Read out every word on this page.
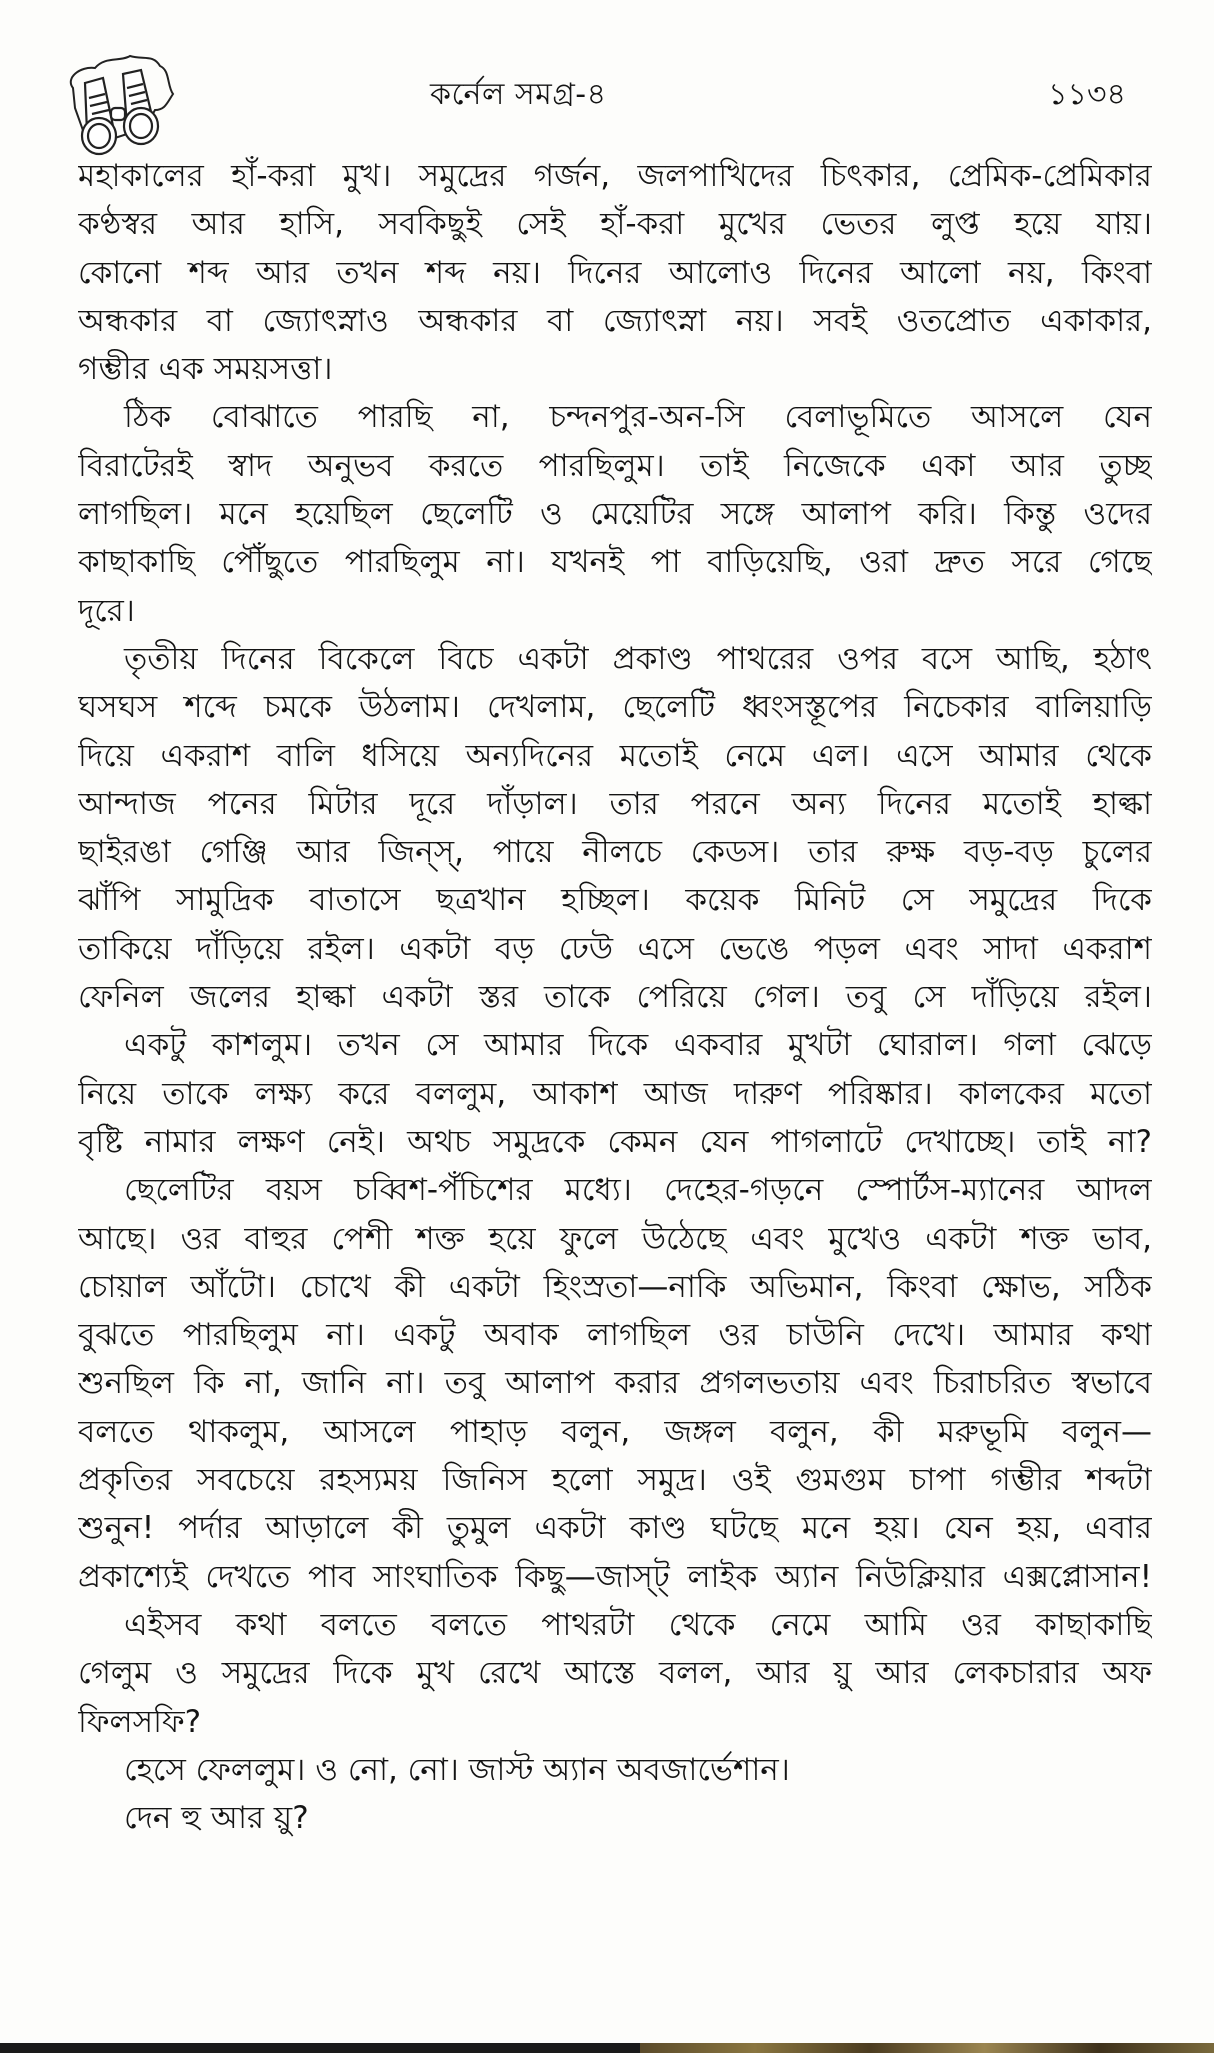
কর্নেল সমগ্র-৪	১১৩৪
মহাকালের হাঁ-করা মুখ। সমুদ্রের গর্জন, জলপাখিদের চিৎকার, প্রেমিক-প্রেমিকার
কণ্ঠস্বর আর হাসি, সবকিছুই সেই হাঁ-করা মুখের ভেতর লুপ্ত হয়ে যায়।
কোনো শব্দ আর তখন শব্দ নয়। দিনের আলোও দিনের আলো নয়, কিংবা
অন্ধকার বা জ্যোৎস্নাও অন্ধকার বা জ্যোৎস্না নয়। সবই ওতপ্রোত একাকার,
গম্ভীর এক সময়সত্তা।
ঠিক বোঝাতে পারছি না, চন্দনপুর-অন-সি বেলাভূমিতে আসলে যেন
বিরাটেরই স্বাদ অনুভব করতে পারছিলুম। তাই নিজেকে একা আর তুচ্ছ
লাগছিল। মনে হয়েছিল ছেলেটি ও মেয়েটির সঙ্গে আলাপ করি। কিন্তু ওদের
কাছাকাছি পৌঁছুতে পারছিলুম না। যখনই পা বাড়িয়েছি, ওরা দ্রুত সরে গেছে
দূরে।
তৃতীয় দিনের বিকেলে বিচে একটা প্রকাণ্ড পাথরের ওপর বসে আছি, হঠাৎ
ঘসঘস শব্দে চমকে উঠলাম। দেখলাম, ছেলেটি ধ্বংসস্তূপের নিচেকার বালিয়াড়ি
দিয়ে একরাশ বালি ধসিয়ে অন্যদিনের মতোই নেমে এল। এসে আমার থেকে
আন্দাজ পনের মিটার দূরে দাঁড়াল। তার পরনে অন্য দিনের মতোই হাল্কা
ছাইরঙা গেঞ্জি আর জিন্স্, পায়ে নীলচে কেডস। তার রুক্ষ বড়-বড় চুলের
ঝাঁপি সামুদ্রিক বাতাসে ছত্রখান হচ্ছিল। কয়েক মিনিট সে সমুদ্রের দিকে
তাকিয়ে দাঁড়িয়ে রইল। একটা বড় ঢেউ এসে ভেঙে পড়ল এবং সাদা একরাশ
ফেনিল জলের হাল্কা একটা স্তর তাকে পেরিয়ে গেল। তবু সে দাঁড়িয়ে রইল।
একটু কাশলুম। তখন সে আমার দিকে একবার মুখটা ঘোরাল। গলা ঝেড়ে
নিয়ে তাকে লক্ষ্য করে বললুম, আকাশ আজ দারুণ পরিষ্কার। কালকের মতো
বৃষ্টি নামার লক্ষণ নেই। অথচ সমুদ্রকে কেমন যেন পাগলাটে দেখাচ্ছে। তাই না?
ছেলেটির বয়স চব্বিশ-পঁচিশের মধ্যে। দেহের-গড়নে স্পোর্টস-ম্যানের আদল
আছে। ওর বাহুর পেশী শক্ত হয়ে ফুলে উঠেছে এবং মুখেও একটা শক্ত ভাব,
চোয়াল আঁটো। চোখে কী একটা হিংস্রতা—নাকি অভিমান, কিংবা ক্ষোভ, সঠিক
বুঝতে পারছিলুম না। একটু অবাক লাগছিল ওর চাউনি দেখে। আমার কথা
শুনছিল কি না, জানি না। তবু আলাপ করার প্রগলভতায় এবং চিরাচরিত স্বভাবে
বলতে থাকলুম, আসলে পাহাড় বলুন, জঙ্গল বলুন, কী মরুভূমি বলুন—
প্রকৃতির সবচেয়ে রহস্যময় জিনিস হলো সমুদ্র। ওই গুমগুম চাপা গম্ভীর শব্দটা
শুনুন! পর্দার আড়ালে কী তুমুল একটা কাণ্ড ঘটছে মনে হয়। যেন হয়, এবার
প্রকাশ্যেই দেখতে পাব সাংঘাতিক কিছু—জাস্ট্ লাইক অ্যান নিউক্লিয়ার এক্সপ্লোসান!
এইসব কথা বলতে বলতে পাথরটা থেকে নেমে আমি ওর কাছাকাছি
গেলুম ও সমুদ্রের দিকে মুখ রেখে আস্তে বলল, আর য়ু আর লেকচারার অফ
ফিলসফি?
হেসে ফেললুম। ও নো, নো। জাস্ট অ্যান অবজার্ভেশান।
দেন হু আর য়ু?
